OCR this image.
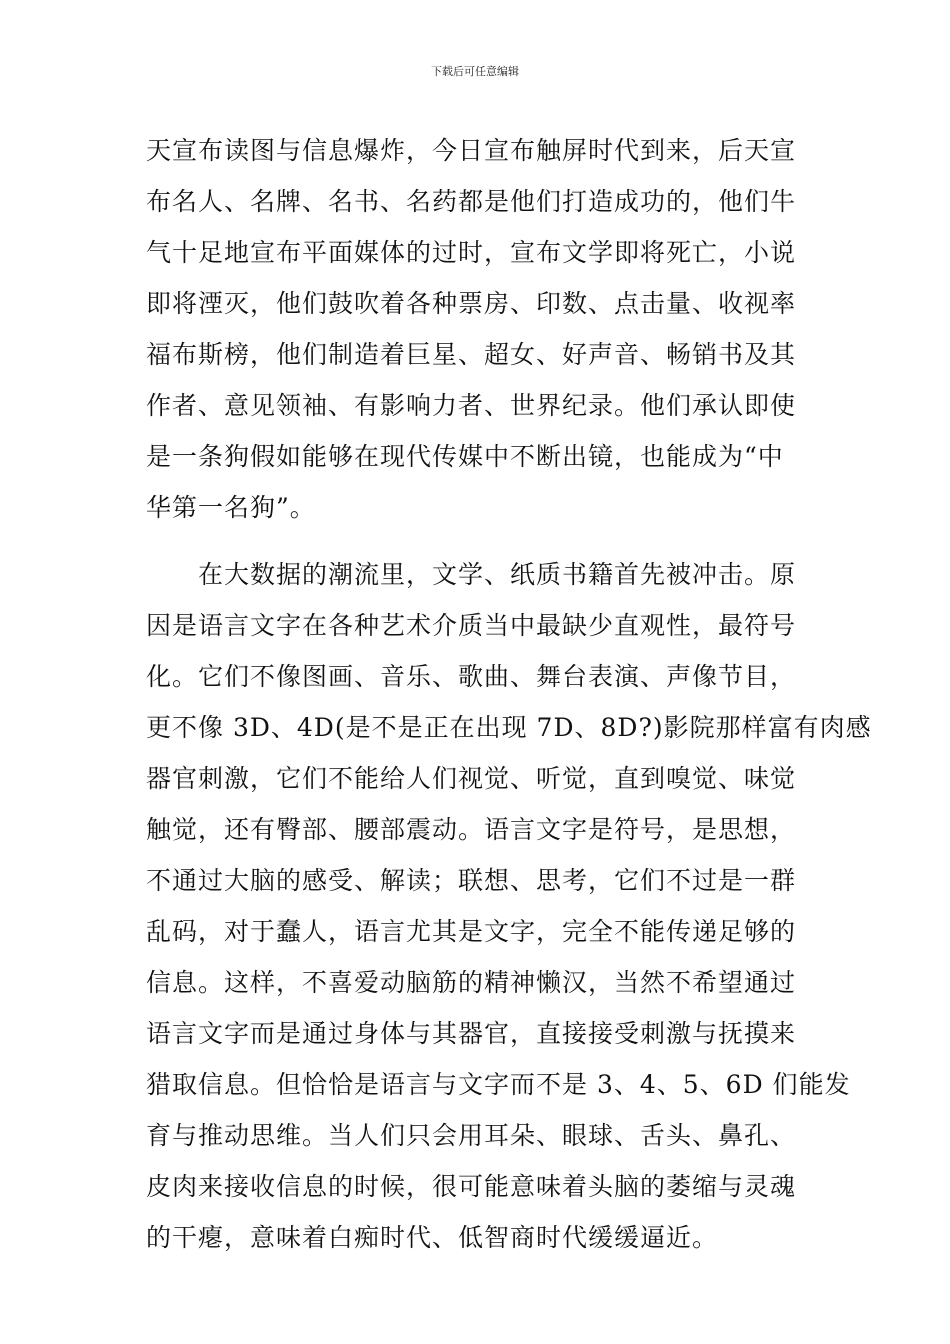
下载后可任意编辑
天宣布读图与信息爆炸，今日宣布触屏时代到来，后天宣
布名人、名牌、名书、名药都是他们打造成功的，他们牛
气十足地宣布平面媒体的过时，宣布文学即将死亡，小说
即将湮灭，他们鼓吹着各种票房、印数、点击量、收视率
福布斯榜，他们制造着巨星、超女、好声音、畅销书及其
作者、意见领袖、有影响力者、世界纪录。他们承认即使
是一条狗假如能够在现代传媒中不断出镜，也能成为“中
华第一名狗”。
　　在大数据的潮流里，文学、纸质书籍首先被冲击。原
因是语言文字在各种艺术介质当中最缺少直观性，最符号
化。它们不像图画、音乐、歌曲、舞台表演、声像节目，
更不像 3D、4D(是不是正在出现 7D、8D?)影院那样富有肉感
器官刺激，它们不能给人们视觉、听觉，直到嗅觉、味觉
触觉，还有臀部、腰部震动。语言文字是符号，是思想，
不通过大脑的感受、解读；联想、思考，它们不过是一群
乱码，对于蠢人，语言尤其是文字，完全不能传递足够的
信息。这样，不喜爱动脑筋的精神懒汉，当然不希望通过
语言文字而是通过身体与其器官，直接接受刺激与抚摸来
猎取信息。但恰恰是语言与文字而不是 3、4、5、6D 们能发
育与推动思维。当人们只会用耳朵、眼球、舌头、鼻孔、
皮肉来接收信息的时候，很可能意味着头脑的萎缩与灵魂
的干瘪，意味着白痴时代、低智商时代缓缓逼近。
